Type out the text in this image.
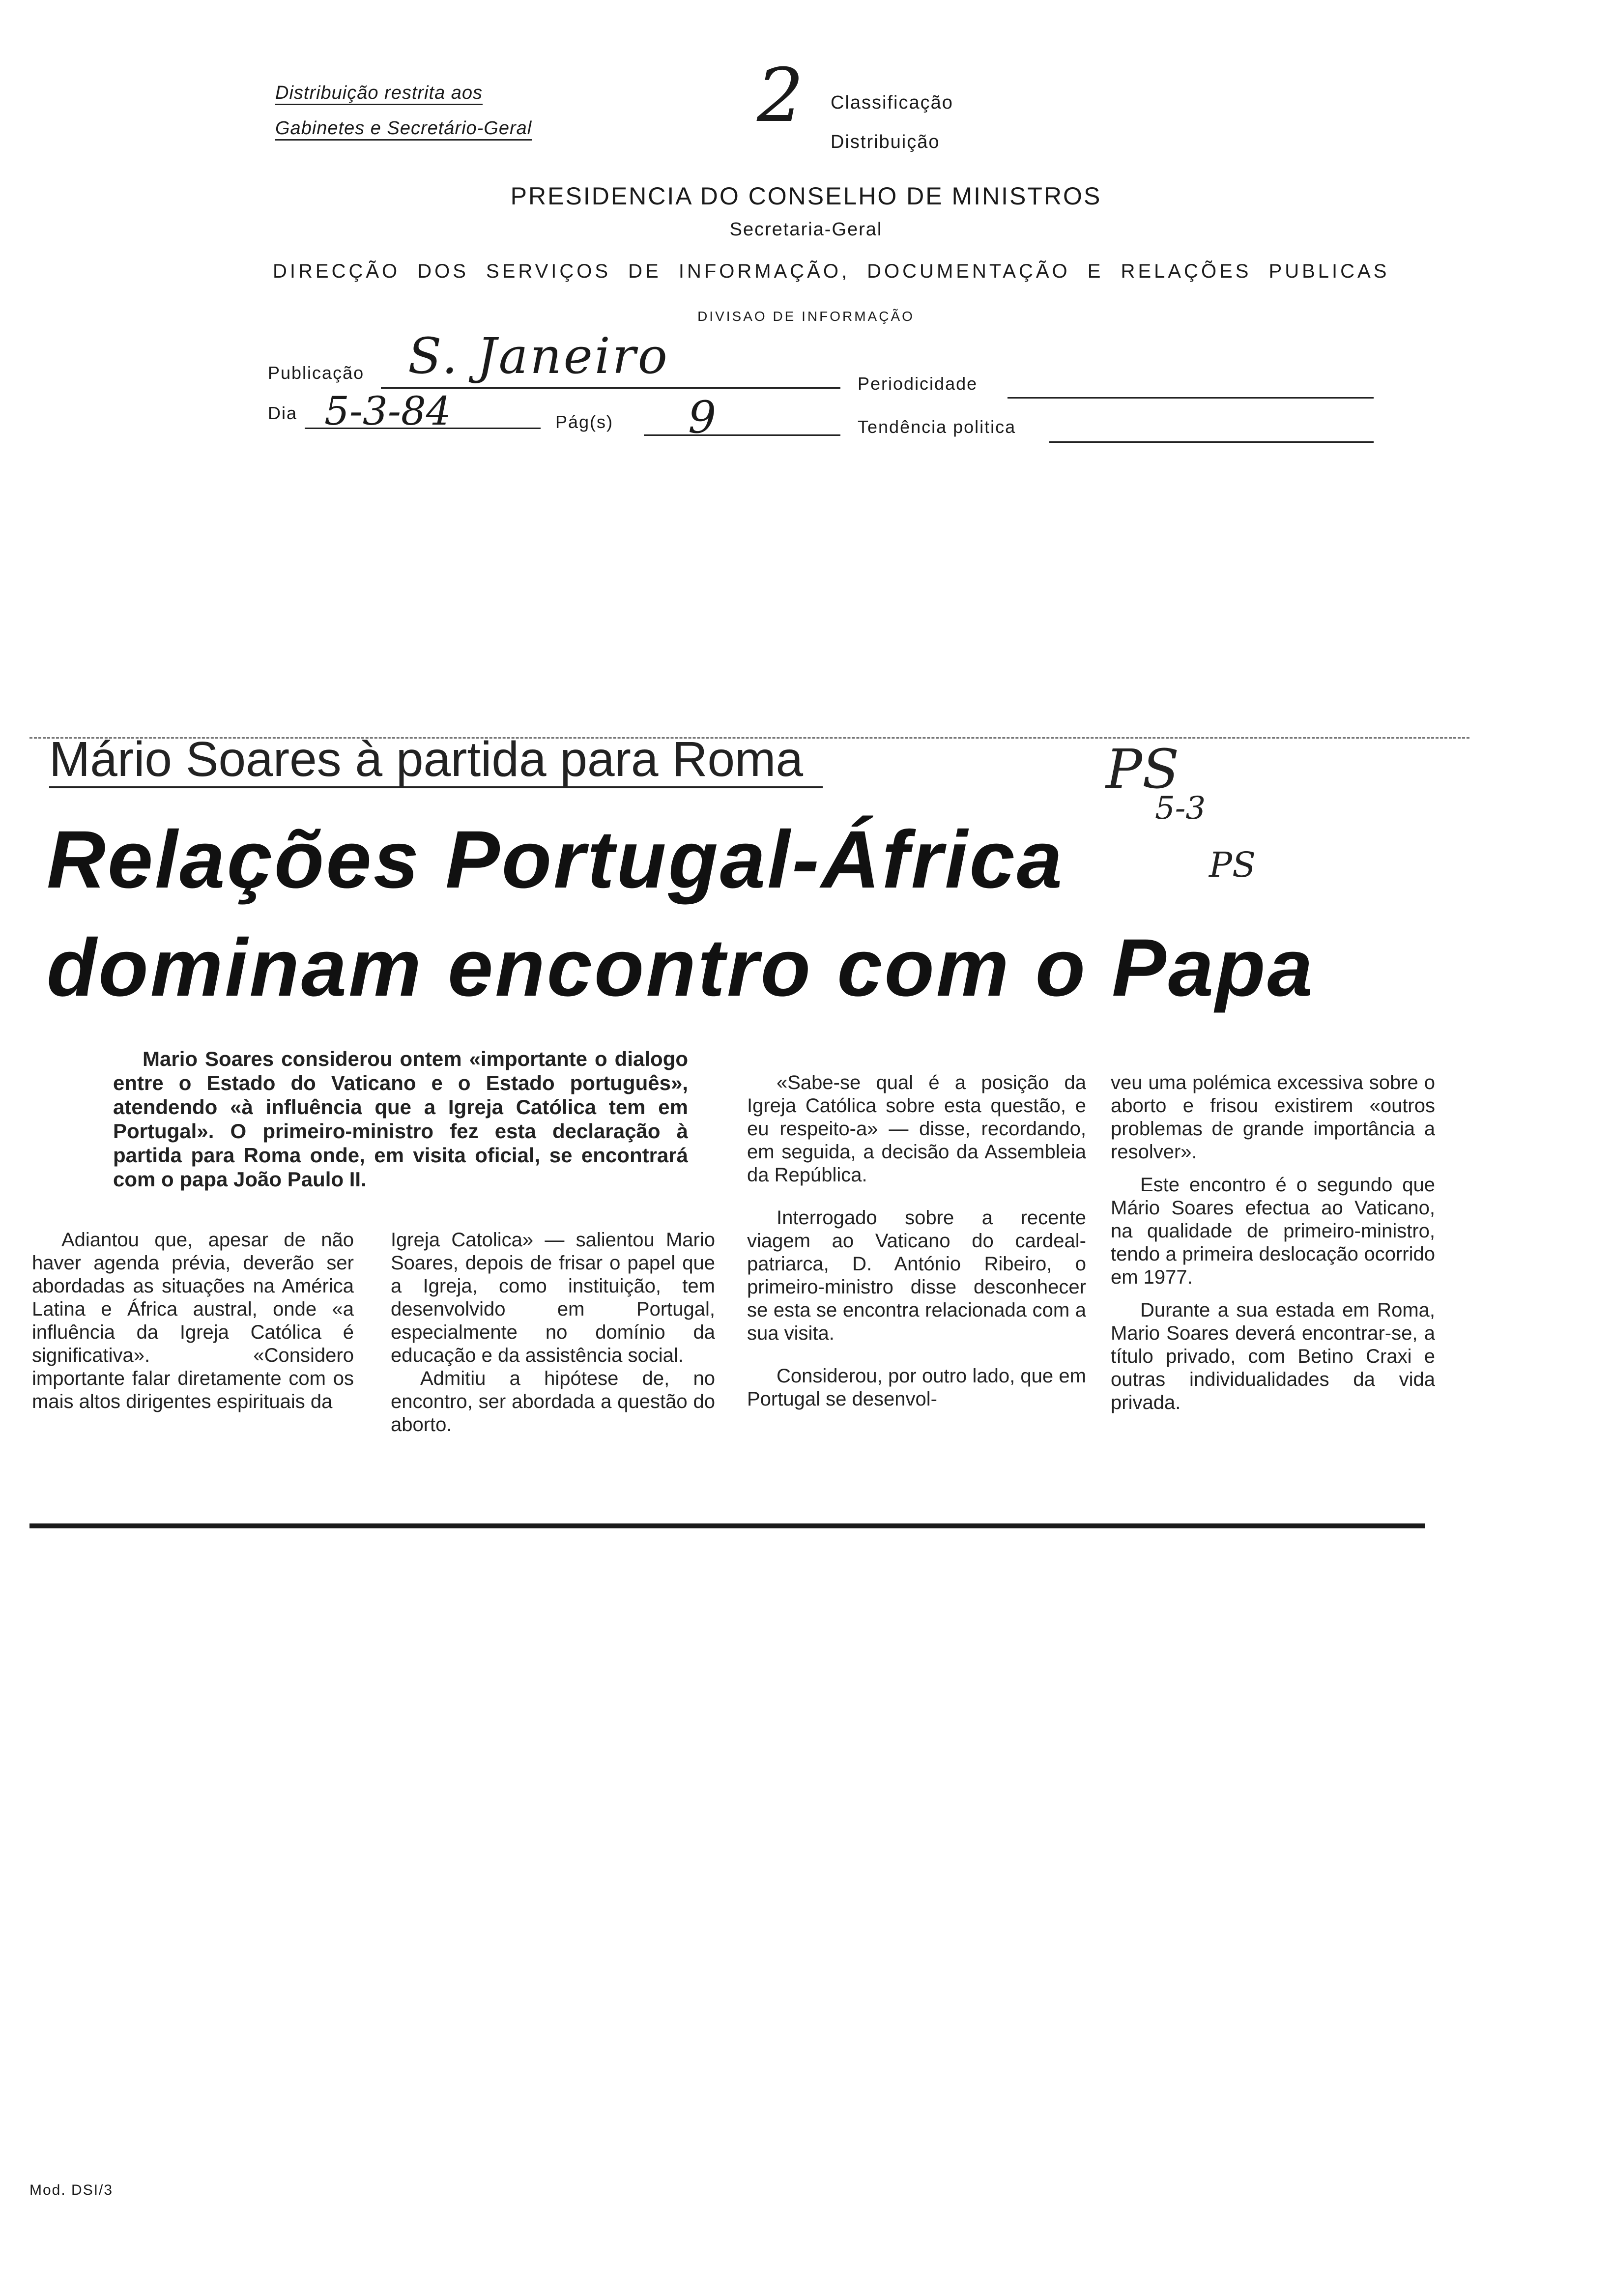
Distribuição restrita aos
Gabinetes e Secretário-Geral	2 Classificação
Distribuição
PRESIDENCIA DO CONSELHO DE MINISTROS
Secretaria-Geral
DIRECÇÃO DOS SERVIÇOS DE INFORMAÇÃO, DOCUMENTAÇÃO E RELAÇÕES PUBLICAS
DIVISAO DE INFORMAÇÃO
Publicação S. Janeiro	Periodicidade
Dia 5-3-84	Pág(s) 9	Tendência politica
Mário Soares à partida para Roma	PS
5-3
PS
Relações Portugal-África
dominam encontro com o Papa

Mario Soares considerou ontem «importante o dialogo entre o Estado do Vaticano e o Estado português», atendendo «à influência que a Igreja Católica tem em Portugal». O primeiro-ministro fez esta declaração à partida para Roma onde, em visita oficial, se encontrará com o papa João Paulo II.

Adiantou que, apesar de não haver agenda prévia, deverão ser abordadas as situações na América Latina e África austral, onde «a influência da Igreja Católica é significativa». «Considero importante falar diretamente com os mais altos dirigentes espirituais da

Igreja Catolica» — salientou Mario Soares, depois de frisar o papel que a Igreja, como instituição, tem desenvolvido em Portugal, especialmente no domínio da educação e da assistência social.

Admitiu a hipótese de, no encontro, ser abordada a questão do aborto.

«Sabe-se qual é a posição da Igreja Católica sobre esta questão, e eu respeito-a» — disse, recordando, em seguida, a decisão da Assembleia da República.

Interrogado sobre a recente viagem ao Vaticano do cardeal-patriarca, D. António Ribeiro, o primeiro-ministro disse desconhecer se esta se encontra relacionada com a sua visita.

Considerou, por outro lado, que em Portugal se desenvol-

veu uma polémica excessiva sobre o aborto e frisou existirem «outros problemas de grande importância a resolver».

Este encontro é o segundo que Mário Soares efectua ao Vaticano, na qualidade de primeiro-ministro, tendo a primeira deslocação ocorrido em 1977.

Durante a sua estada em Roma, Mario Soares deverá encontrar-se, a título privado, com Betino Craxi e outras individualidades da vida privada.

Mod. DSI/3
